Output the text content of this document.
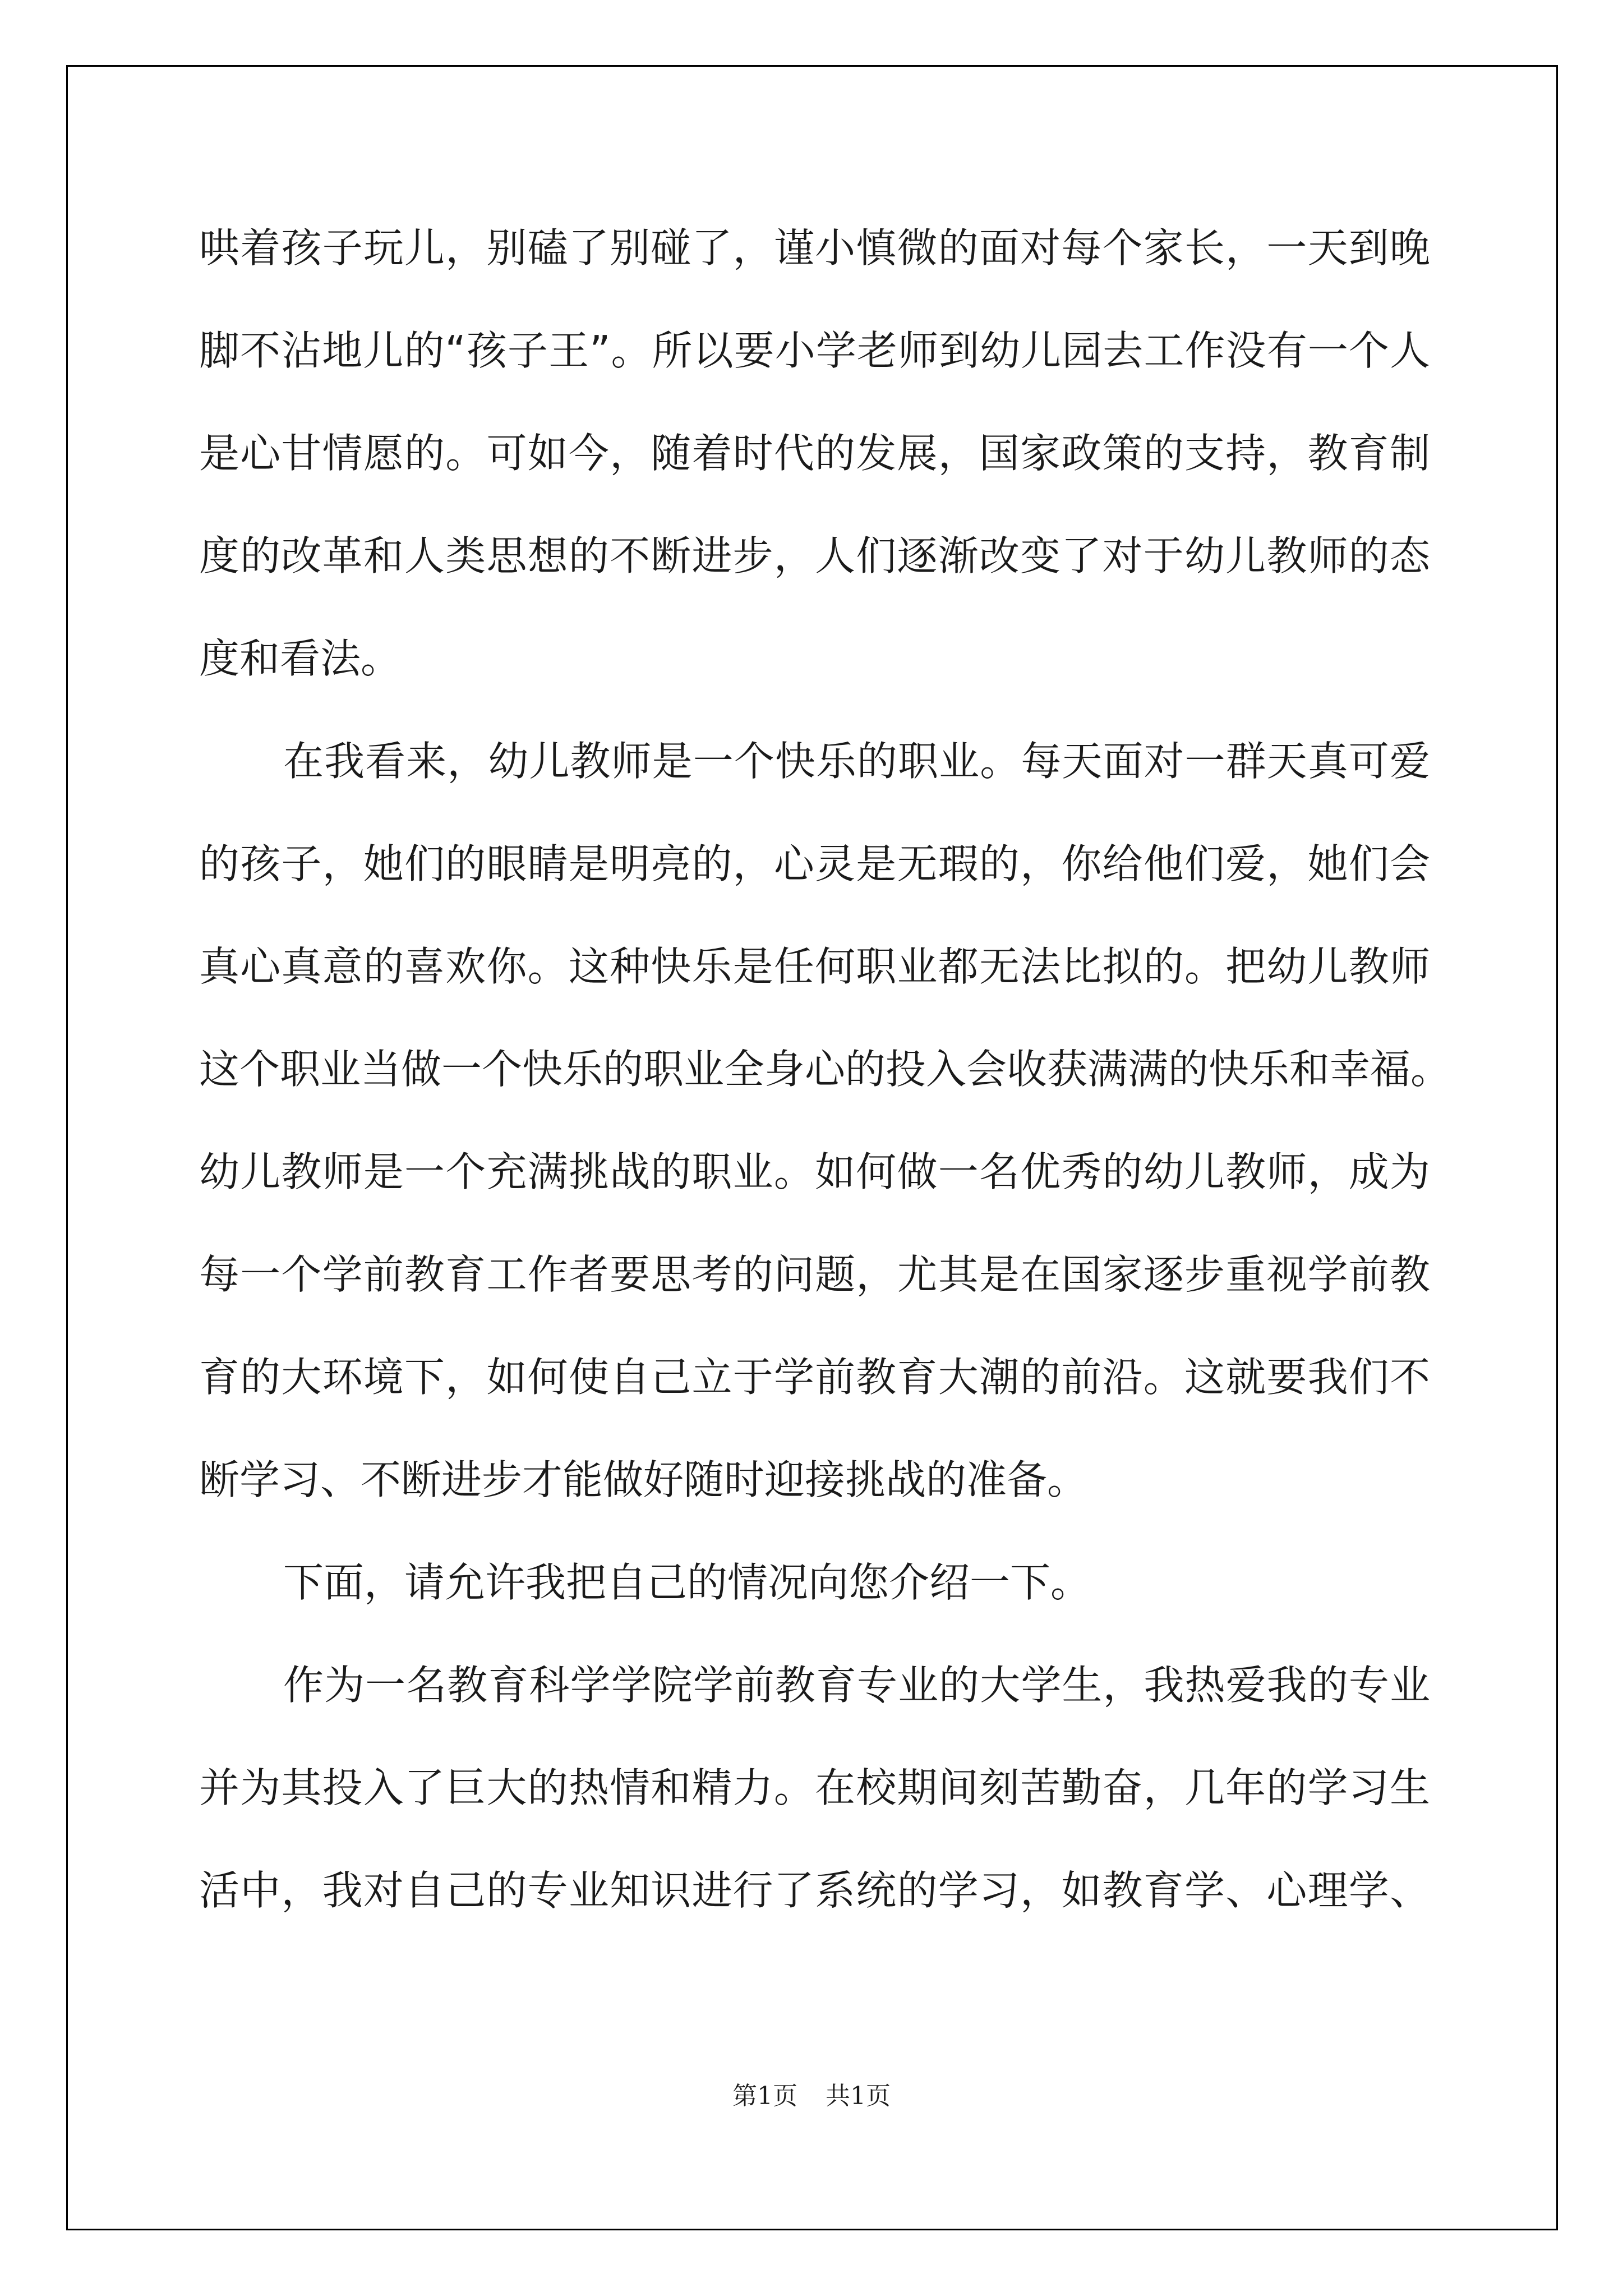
哄着孩子玩儿，别磕了别碰了，谨小慎微的面对每个家长，一天到晚
脚不沾地儿的“孩子王”。所以要小学老师到幼儿园去工作没有一个人
是心甘情愿的。可如今，随着时代的发展，国家政策的支持，教育制
度的改革和人类思想的不断进步，人们逐渐改变了对于幼儿教师的态
度和看法。
在我看来，幼儿教师是一个快乐的职业。每天面对一群天真可爱
的孩子，她们的眼睛是明亮的，心灵是无瑕的，你给他们爱，她们会
真心真意的喜欢你。这种快乐是任何职业都无法比拟的。把幼儿教师
这个职业当做一个快乐的职业全身心的投入会收获满满的快乐和幸福。
幼儿教师是一个充满挑战的职业。如何做一名优秀的幼儿教师，成为
每一个学前教育工作者要思考的问题，尤其是在国家逐步重视学前教
育的大环境下，如何使自己立于学前教育大潮的前沿。这就要我们不
断学习、不断进步才能做好随时迎接挑战的准备。
下面，请允许我把自己的情况向您介绍一下。
作为一名教育科学学院学前教育专业的大学生，我热爱我的专业
并为其投入了巨大的热情和精力。在校期间刻苦勤奋，几年的学习生
活中，我对自己的专业知识进行了系统的学习，如教育学、心理学、
第1页 共1页
